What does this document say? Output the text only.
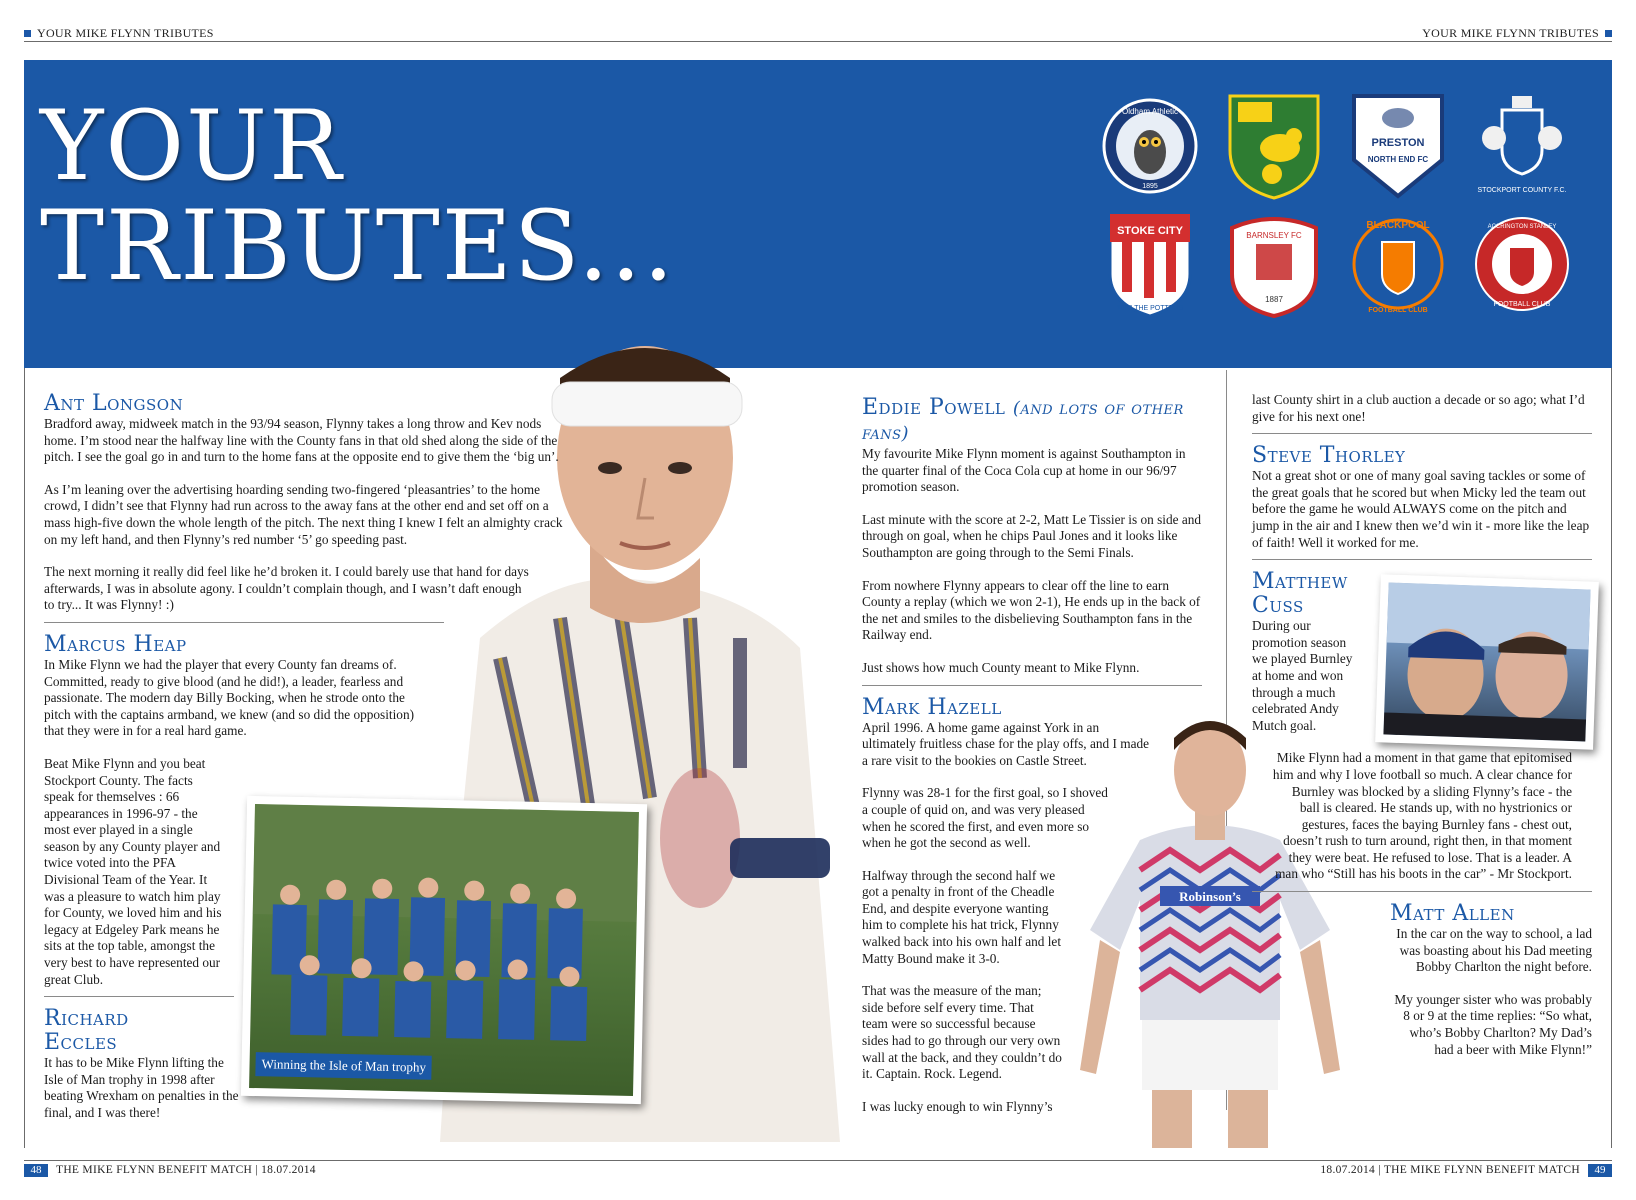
YOUR MIKE FLYNN TRIBUTES	YOUR MIKE FLYNN TRIBUTES
YOUR
TRIBUTES...
Oldham Athletic
1895
PRESTON
NORTH END FC
STOCKPORT COUNTY F.C.
STOKE CITY
1863 THE POTTERS
BARNSLEY FC
1887
BLACKPOOL
FOOTBALL CLUB
ACCRINGTON STANLEY
FOOTBALL CLUB
Ant Longson

Bradford away, midweek match in the 93/94 season, Flynny takes a long throw and Kev nods home. I’m stood near the halfway line with the County fans in that old shed along the side of the pitch. I see the goal go in and turn to the home fans at the opposite end to give them the ‘big un’.

As I’m leaning over the advertising hoarding sending two-fingered ‘pleasantries’ to the home crowd, I didn’t see that Flynny had run across to the away fans at the other end and set off on a mass high-five down the whole length of the pitch. The next thing I knew I felt an almighty crack on my left hand, and then Flynny’s red number ‘5’ go speeding past.

The next morning it really did feel like he’d broken it. I could barely use that hand for days afterwards, I was in absolute agony. I couldn’t complain though, and I wasn’t daft enough to try... It was Flynny! :)

Marcus Heap

In Mike Flynn we had the player that every County fan dreams of. Committed, ready to give blood (and he did!), a leader, fearless and passionate. The modern day Billy Bocking, when he strode onto the pitch with the captains armband, we knew (and so did the opposition) that they were in for a real hard game.

Beat Mike Flynn and you beat Stockport County. The facts speak for themselves : 66 appearances in 1996-97 - the most ever played in a single season by any County player and twice voted into the PFA Divisional Team of the Year. It was a pleasure to watch him play for County, we loved him and his legacy at Edgeley Park means he sits at the top table, amongst the very best to have represented our great Club.

Richard
Eccles

It has to be Mike Flynn lifting the Isle of Man trophy in 1998 after beating Wrexham on penalties in the final, and I was there!

Winning the Isle of Man trophy
Eddie Powell (and lots of other
fans)

My favourite Mike Flynn moment is against Southampton in the quarter final of the Coca Cola cup at home in our 96/97 promotion season.

Last minute with the score at 2-2, Matt Le Tissier is on side and through on goal, when he chips Paul Jones and it looks like Southampton are going through to the Semi Finals.

From nowhere Flynny appears to clear off the line to earn County a replay (which we won 2-1), He ends up in the back of the net and smiles to the disbelieving Southampton fans in the Railway end.

Just shows how much County meant to Mike Flynn.

Mark Hazell

April 1996. A home game against York in an ultimately fruitless chase for the play offs, and I made a rare visit to the bookies on Castle Street.

Flynny was 28-1 for the first goal, so I shoved a couple of quid on, and was very pleased when he scored the first, and even more so when he got the second as well.

Halfway through the second half we got a penalty in front of the Cheadle End, and despite everyone wanting him to complete his hat trick, Flynny walked back into his own half and let Matty Bound make it 3-0.

That was the measure of the man; side before self every time. That team were so successful because sides had to go through our very own wall at the back, and they couldn’t do it. Captain. Rock. Legend.

I was lucky enough to win Flynny’s

Robinson’s

last County shirt in a club auction a decade or so ago; what I’d give for his next one!

Steve Thorley

Not a great shot or one of many goal saving tackles or some of the great goals that he scored but when Micky led the team out before the game he would ALWAYS come on the pitch and jump in the air and I knew then we’d win it - more like the leap of faith! Well it worked for me.

Matthew
Cuss

During our promotion season we played Burnley at home and won through a much celebrated Andy Mutch goal.

Mike Flynn had a moment in that game that epitomised him and why I love football so much. A clear chance for Burnley was blocked by a sliding Flynny’s face - the ball is cleared. He stands up, with no hystrionics or gestures, faces the baying Burnley fans - chest out, doesn’t rush to turn around, right then, in that moment they were beat. He refused to lose. That is a leader. A man who “Still has his boots in the car” - Mr Stockport.

Matt Allen

In the car on the way to school, a lad was boasting about his Dad meeting Bobby Charlton the night before.

My younger sister who was probably 8 or 9 at the time replies: “So what, who’s Bobby Charlton? My Dad’s had a beer with Mike Flynn!”

48	THE MIKE FLYNN BENEFIT MATCH | 18.07.2014	18.07.2014 | THE MIKE FLYNN BENEFIT MATCH	49
